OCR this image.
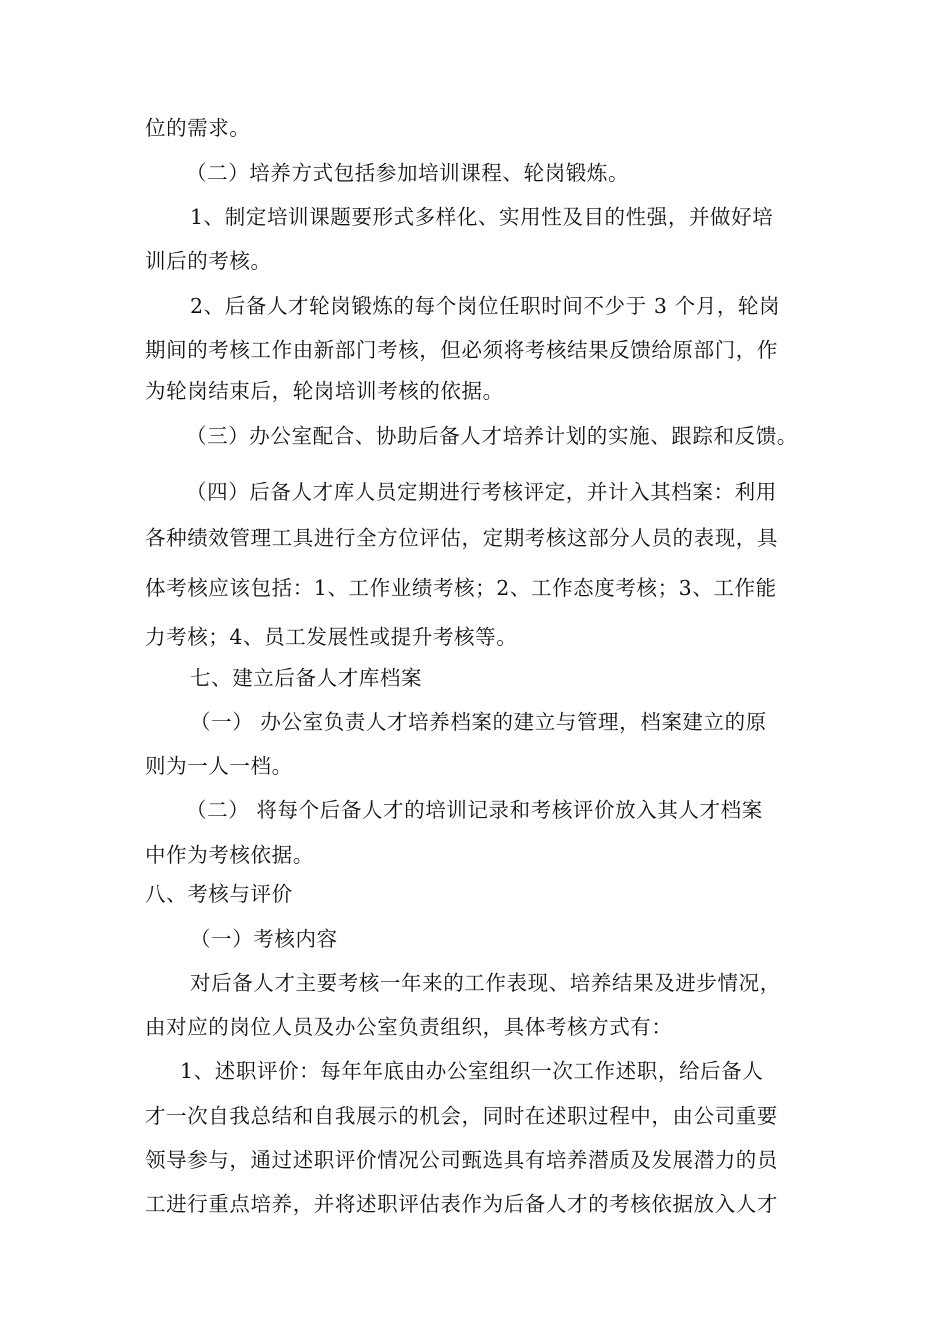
位的需求。
（二）培养方式包括参加培训课程、轮岗锻炼。
1、制定培训课题要形式多样化、实用性及目的性强，并做好培
训后的考核。
2、后备人才轮岗锻炼的每个岗位任职时间不少于 3 个月，轮岗
期间的考核工作由新部门考核，但必须将考核结果反馈给原部门，作
为轮岗结束后，轮岗培训考核的依据。
（三）办公室配合、协助后备人才培养计划的实施、跟踪和反馈。
（四）后备人才库人员定期进行考核评定，并计入其档案：利用
各种绩效管理工具进行全方位评估，定期考核这部分人员的表现，具
体考核应该包括：1、工作业绩考核；2、工作态度考核；3、工作能
力考核；4、员工发展性或提升考核等。
七、建立后备人才库档案
（一） 办公室负责人才培养档案的建立与管理，档案建立的原
则为一人一档。
（二） 将每个后备人才的培训记录和考核评价放入其人才档案
中作为考核依据。
八、考核与评价
（一）考核内容
对后备人才主要考核一年来的工作表现、培养结果及进步情况，
由对应的岗位人员及办公室负责组织，具体考核方式有：
1、述职评价：每年年底由办公室组织一次工作述职，给后备人
才一次自我总结和自我展示的机会，同时在述职过程中，由公司重要
领导参与，通过述职评价情况公司甄选具有培养潜质及发展潜力的员
工进行重点培养，并将述职评估表作为后备人才的考核依据放入人才
